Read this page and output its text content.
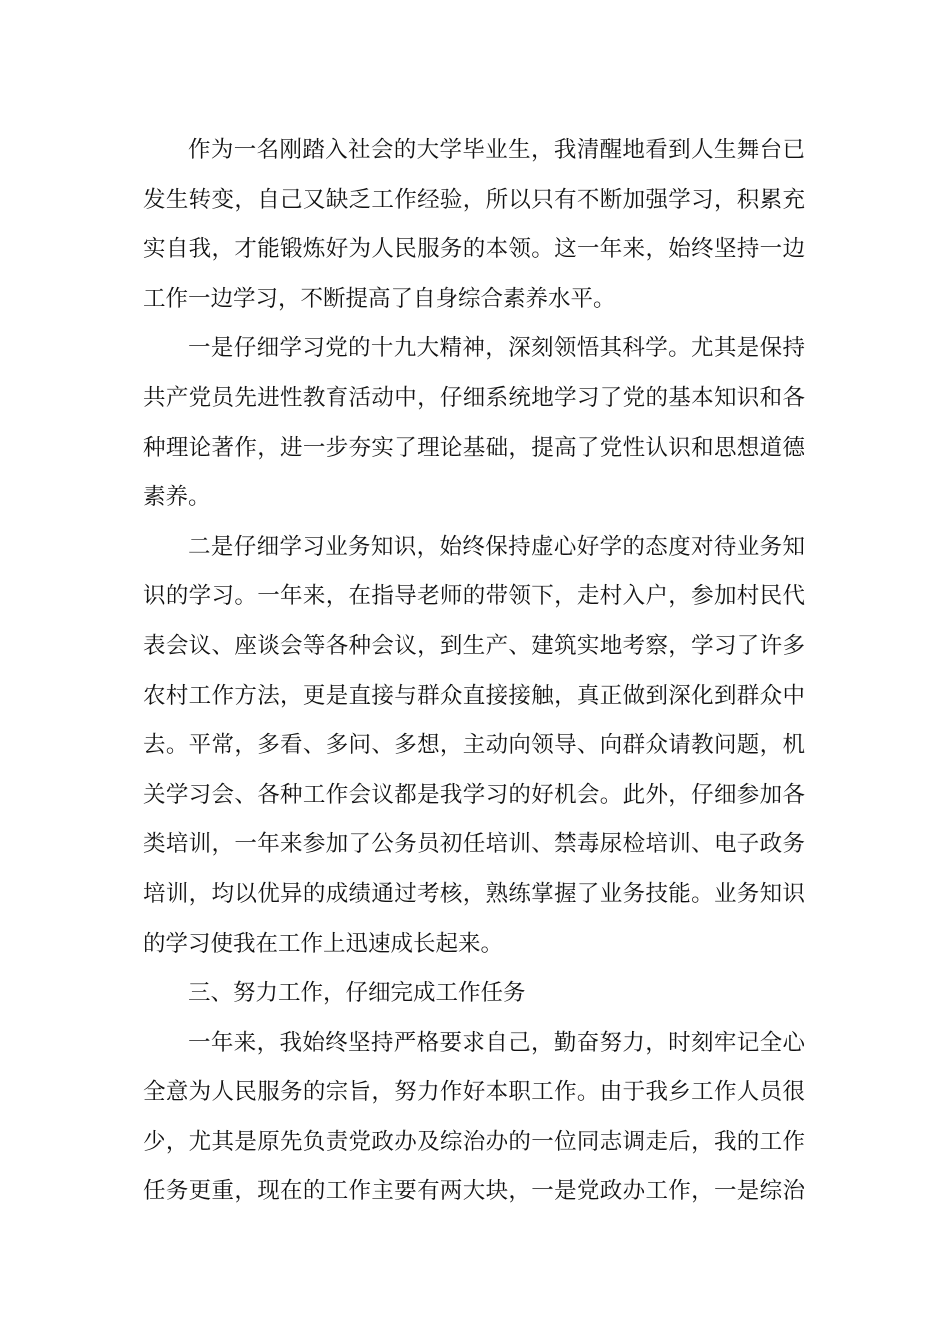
作为一名刚踏入社会的大学毕业生，我清醒地看到人生舞台已
发生转变，自己又缺乏工作经验，所以只有不断加强学习，积累充
实自我，才能锻炼好为人民服务的本领。这一年来，始终坚持一边
工作一边学习，不断提高了自身综合素养水平。
一是仔细学习党的十九大精神，深刻领悟其科学。尤其是保持
共产党员先进性教育活动中，仔细系统地学习了党的基本知识和各
种理论著作，进一步夯实了理论基础，提高了党性认识和思想道德
素养。
二是仔细学习业务知识，始终保持虚心好学的态度对待业务知
识的学习。一年来，在指导老师的带领下，走村入户，参加村民代
表会议、座谈会等各种会议，到生产、建筑实地考察，学习了许多
农村工作方法，更是直接与群众直接接触，真正做到深化到群众中
去。平常，多看、多问、多想，主动向领导、向群众请教问题，机
关学习会、各种工作会议都是我学习的好机会。此外，仔细参加各
类培训，一年来参加了公务员初任培训、禁毒尿检培训、电子政务
培训，均以优异的成绩通过考核，熟练掌握了业务技能。业务知识
的学习使我在工作上迅速成长起来。
三、努力工作，仔细完成工作任务
一年来，我始终坚持严格要求自己，勤奋努力，时刻牢记全心
全意为人民服务的宗旨，努力作好本职工作。由于我乡工作人员很
少，尤其是原先负责党政办及综治办的一位同志调走后，我的工作
任务更重，现在的工作主要有两大块，一是党政办工作，一是综治
